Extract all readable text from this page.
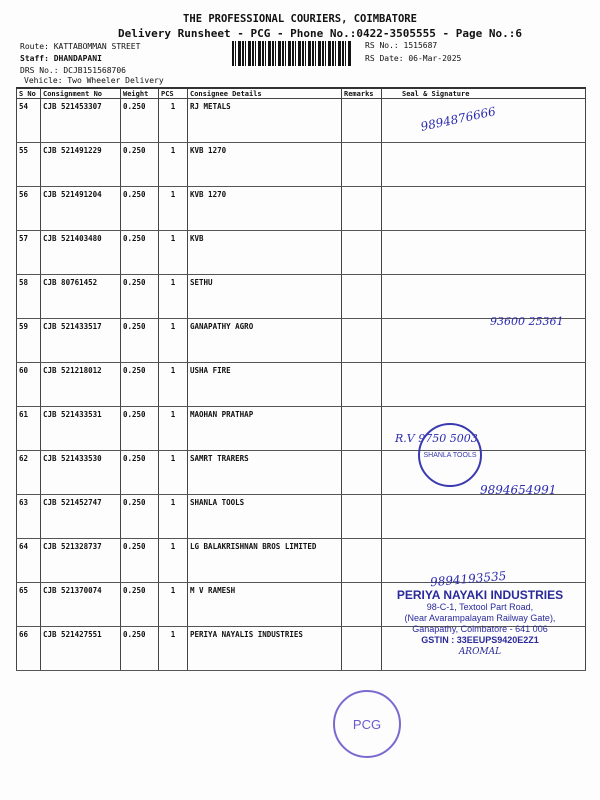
THE PROFESSIONAL COURIERS, COIMBATORE
Delivery Runsheet - PCG - Phone No.:0422-3505555 - Page No.:6
Route: KATTABOMMAN STREET
Staff: DHANDAPANI
DRS No.: DCJB151568706
Vehicle: Two Wheeler Delivery
RS No.: 1515687
RS Date: 06-Mar-2025
S No	Consignment No	Weight	PCS	Consignee Details	Remarks	Seal & Signature
54	CJB 521453307	0.250	1	RJ METALS		
55	CJB 521491229	0.250	1	KVB 1270		
56	CJB 521491204	0.250	1	KVB 1270		
57	CJB 521403480	0.250	1	KVB		
58	CJB 80761452	0.250	1	SETHU		
59	CJB 521433517	0.250	1	GANAPATHY AGRO		
60	CJB 521218012	0.250	1	USHA FIRE		
61	CJB 521433531	0.250	1	MAOHAN PRATHAP		
62	CJB 521433530	0.250	1	SAMRT TRARERS		
63	CJB 521452747	0.250	1	SHANLA TOOLS		
64	CJB 521328737	0.250	1	LG BALAKRISHNAN BROS LIMITED		
65	CJB 521370074	0.250	1	M V RAMESH		
66	CJB 521427551	0.250	1	PERIYA NAYALIS INDUSTRIES		
9894876666
93600 25361
R.V 9750 5003
9894654991
9894193535
SHANLA TOOLS
PERIYA NAYAKI INDUSTRIES
98-C-1, Textool Part Road,
(Near Avarampalayam Railway Gate),
Ganapathy, Coimbatore - 641 006
GSTIN : 33EEUPS9420E2Z1
AROMAL
PCG
